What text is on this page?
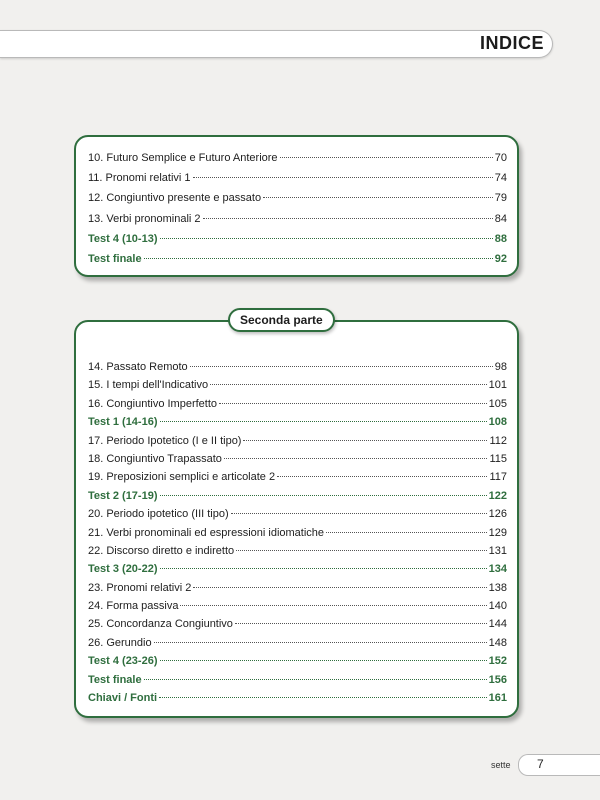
INDICE
10. Futuro Semplice e Futuro Anteriore	70
11. Pronomi relativi 1	74
12. Congiuntivo presente e passato	79
13. Verbi pronominali 2	84
Test 4 (10-13)	88
Test finale	92
Seconda parte
14. Passato Remoto	98
15. I tempi dell'Indicativo	101
16. Congiuntivo Imperfetto	105
Test 1 (14-16)	108
17. Periodo Ipotetico (I e II tipo)	112
18. Congiuntivo Trapassato	115
19. Preposizioni semplici e articolate 2	117
Test 2 (17-19)	122
20. Periodo ipotetico (III tipo)	126
21. Verbi pronominali ed espressioni idiomatiche	129
22. Discorso diretto e indiretto	131
Test 3 (20-22)	134
23. Pronomi relativi 2	138
24. Forma passiva	140
25. Concordanza Congiuntivo	144
26. Gerundio	148
Test 4 (23-26)	152
Test finale	156
Chiavi / Fonti	161
sette 7
